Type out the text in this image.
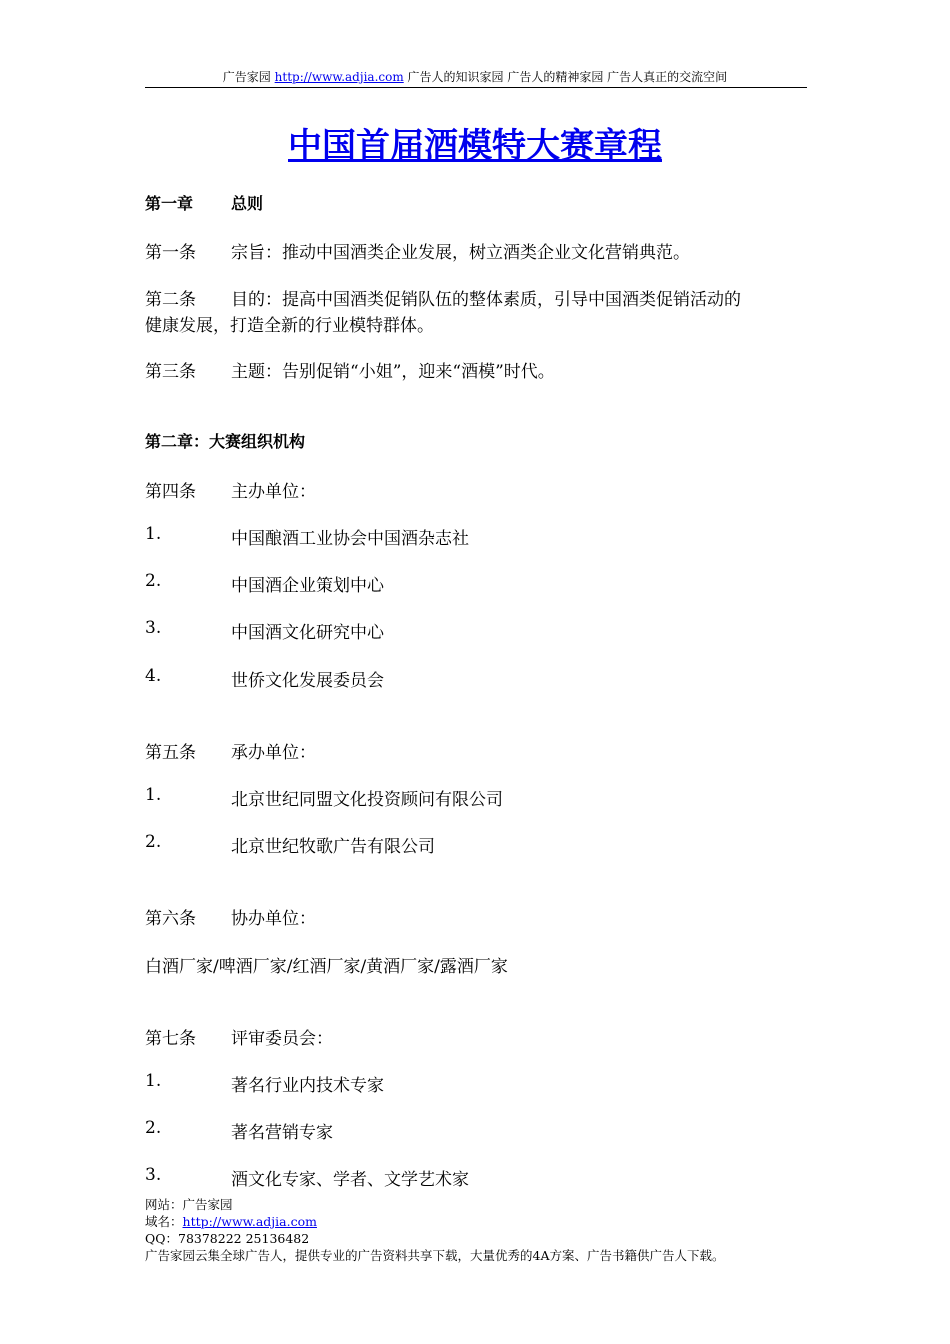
广告家园 http://www.adjia.com 广告人的知识家园 广告人的精神家园 广告人真正的交流空间
中国首届酒模特大赛章程
第一章 总则
第一条 宗旨：推动中国酒类企业发展，树立酒类企业文化营销典范。
第二条 目的：提高中国酒类促销队伍的整体素质，引导中国酒类促销活动的
健康发展，打造全新的行业模特群体。
第三条 主题：告别促销“小姐”，迎来“酒模”时代。
第二章：大赛组织机构
第四条 主办单位：
1.	中国酿酒工业协会中国酒杂志社
2.	中国酒企业策划中心
3.	中国酒文化研究中心
4.	世侨文化发展委员会
第五条 承办单位：
1.	北京世纪同盟文化投资顾问有限公司
2.	北京世纪牧歌广告有限公司
第六条 协办单位：
白酒厂家/啤酒厂家/红酒厂家/黄酒厂家/露酒厂家
第七条 评审委员会：
1.	著名行业内技术专家
2.	著名营销专家
3.	酒文化专家、学者、文学艺术家
网站：广告家园
域名：http://www.adjia.com
QQ：78378222 25136482
广告家园云集全球广告人，提供专业的广告资料共享下载，大量优秀的4A方案、广告书籍供广告人下载。
